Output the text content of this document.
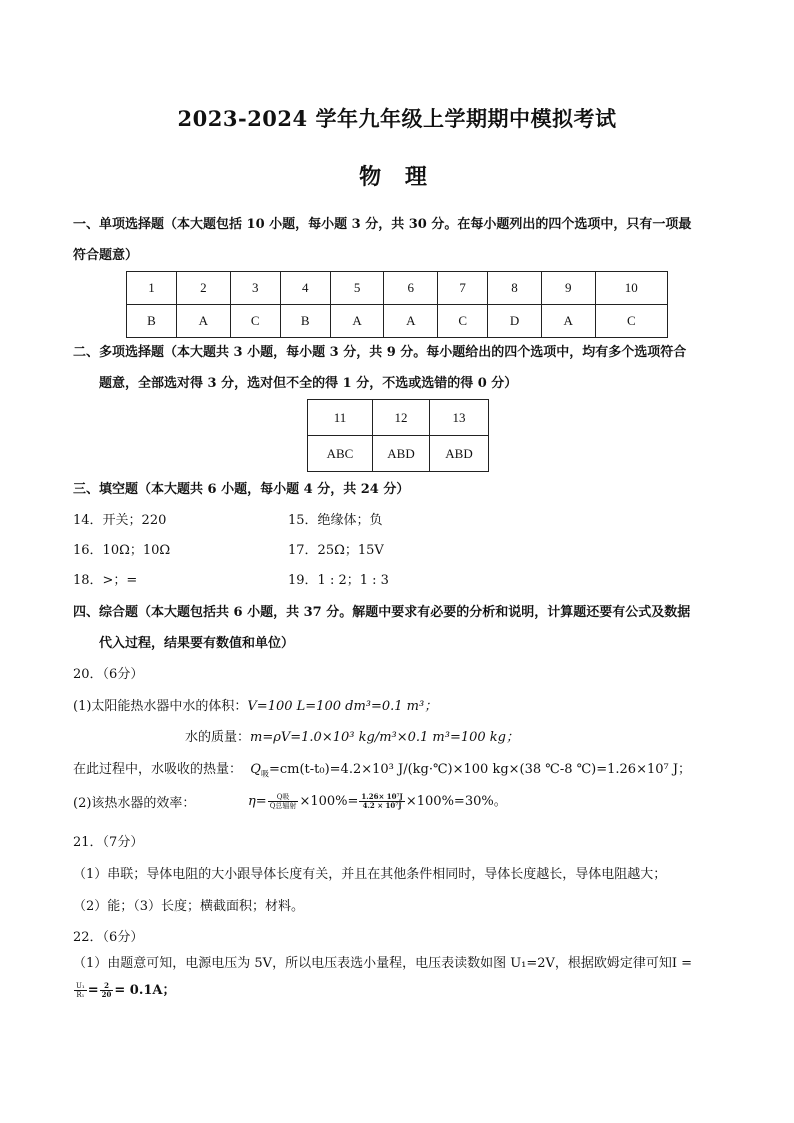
2023-2024 学年九年级上学期期中模拟考试
物 理
一、单项选择题（本大题包括 10 小题，每小题 3 分，共 30 分。在每小题列出的四个选项中，只有一项最
符合题意）
1	2	3	4	5	6	7	8	9	10
B	A	C	B	A	A	C	D	A	C
二、多项选择题（本大题共 3 小题，每小题 3 分，共 9 分。每小题给出的四个选项中，均有多个选项符合
题意，全部选对得 3 分，选对但不全的得 1 分，不选或选错的得 0 分）
11	12	13
ABC	ABD	ABD
三、填空题（本大题共 6 小题，每小题 4 分，共 24 分）
14．开关；220	15．绝缘体；负
16．10Ω；10Ω	17．25Ω；15V
18．>；=	19．1 : 2；1 : 3
四、综合题（本大题包括共 6 小题，共 37 分。解题中要求有必要的分析和说明，计算题还要有公式及数据
代入过程，结果要有数值和单位）
20．（6分）
(1)太阳能热水器中水的体积：V=100 L=100 dm³=0.1 m³；
水的质量：m=ρV=1.0×10³ kg/m³×0.1 m³=100 kg；
在此过程中，水吸收的热量： $Q_吸=cm(t-t_0)=4.2\times 10^3$ J/(kg·℃)×100 kg×(38 ℃-8 ℃)=1.26×10⁷ J；
(2)该热水器的效率：	$\eta= \frac{\text{Q吸}}{\text{Q总辐射}} \times 100\%= \frac{\text{1.26× 10⁷J}}{\text{4.2 × 10⁷J}} \times 100\%=30\%$。
21．（7分）
（1）串联；导体电阻的大小跟导体长度有关，并且在其他条件相同时，导体长度越长，导体电阻越大；
（2）能；（3）长度；横截面积；材料。
22．（6分）
（1）由题意可知，电源电压为 5V，所以电压表选小量程，电压表读数如图 U₁=2V，根据欧姆定律可知I =
$\frac{\text{U₁}}{\text{R₁}} = \frac{2}{20} = 0.1A$；
